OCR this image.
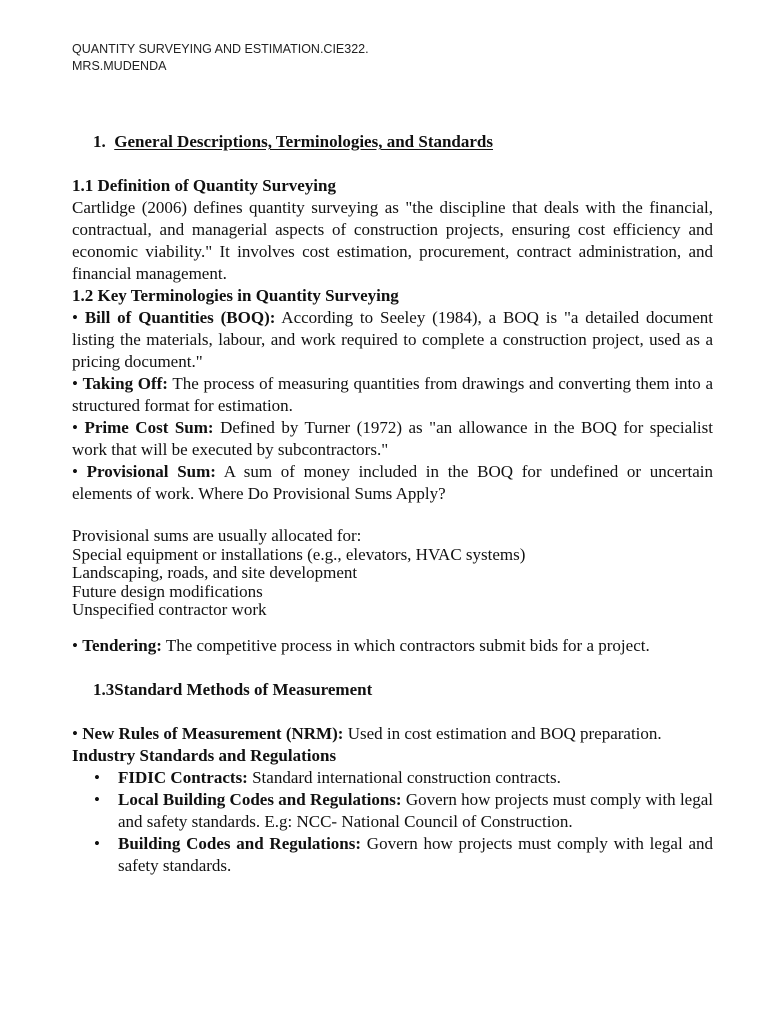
QUANTITY SURVEYING AND ESTIMATION.CIE322.
MRS.MUDENDA
1. General Descriptions, Terminologies, and Standards
1.1 Definition of Quantity Surveying
Cartlidge (2006) defines quantity surveying as "the discipline that deals with the financial, contractual, and managerial aspects of construction projects, ensuring cost efficiency and economic viability." It involves cost estimation, procurement, contract administration, and financial management.
1.2 Key Terminologies in Quantity Surveying
• Bill of Quantities (BOQ): According to Seeley (1984), a BOQ is "a detailed document listing the materials, labour, and work required to complete a construction project, used as a pricing document."
• Taking Off: The process of measuring quantities from drawings and converting them into a structured format for estimation.
• Prime Cost Sum: Defined by Turner (1972) as "an allowance in the BOQ for specialist work that will be executed by subcontractors."
• Provisional Sum: A sum of money included in the BOQ for undefined or uncertain elements of work. Where Do Provisional Sums Apply?
Provisional sums are usually allocated for:
Special equipment or installations (e.g., elevators, HVAC systems)
Landscaping, roads, and site development
Future design modifications
Unspecified contractor work
• Tendering: The competitive process in which contractors submit bids for a project.
1.3Standard Methods of Measurement
• New Rules of Measurement (NRM): Used in cost estimation and BOQ preparation.
Industry Standards and Regulations
• FIDIC Contracts: Standard international construction contracts.
• Local Building Codes and Regulations: Govern how projects must comply with legal and safety standards. E.g: NCC- National Council of Construction.
• Building Codes and Regulations: Govern how projects must comply with legal and safety standards.
